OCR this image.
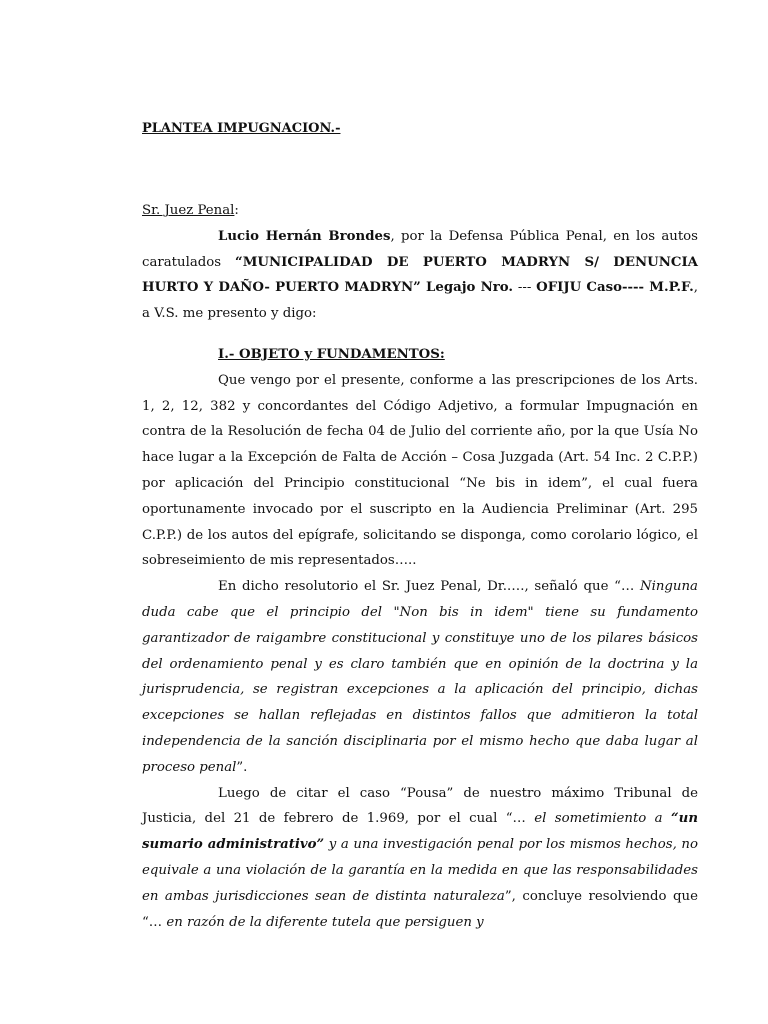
PLANTEA IMPUGNACION.-

Sr. Juez Penal:

Lucio Hernán Brondes, por la Defensa Pública Penal, en los autos caratulados “MUNICIPALIDAD DE PUERTO MADRYN S/ DENUNCIA HURTO Y DAÑO- PUERTO MADRYN” Legajo Nro. --- OFIJU Caso---- M.P.F., a V.S. me presento y digo:

I.- OBJETO y FUNDAMENTOS:

Que vengo por el presente, conforme a las prescripciones de los Arts. 1, 2, 12, 382 y concordantes del Código Adjetivo, a formular Impugnación en contra de la Resolución de fecha 04 de Julio del corriente año, por la que Usía No hace lugar a la Excepción de Falta de Acción – Cosa Juzgada (Art. 54 Inc. 2 C.P.P.) por aplicación del Principio constitucional “Ne bis in idem”, el cual fuera oportunamente invocado por el suscripto en la Audiencia Preliminar (Art. 295 C.P.P.) de los autos del epígrafe, solicitando se disponga, como corolario lógico, el sobreseimiento de mis representados…..

En dicho resolutorio el Sr. Juez Penal, Dr.…., señaló que “… Ninguna duda cabe que el principio del "Non bis in idem" tiene su fundamento garantizador de raigambre constitucional y constituye uno de los pilares básicos del ordenamiento penal y es claro también que en opinión de la doctrina y la jurisprudencia, se registran excepciones a la aplicación del principio, dichas excepciones se hallan reflejadas en distintos fallos que admitieron la total independencia de la sanción disciplinaria por el mismo hecho que daba lugar al proceso penal”.

Luego de citar el caso “Pousa” de nuestro máximo Tribunal de Justicia, del 21 de febrero de 1.969, por el cual “… el sometimiento a “un sumario administrativo” y a una investigación penal por los mismos hechos, no equivale a una violación de la garantía en la medida en que las responsabilidades en ambas jurisdicciones sean de distinta naturaleza”, concluye resolviendo que “… en razón de la diferente tutela que persiguen y
